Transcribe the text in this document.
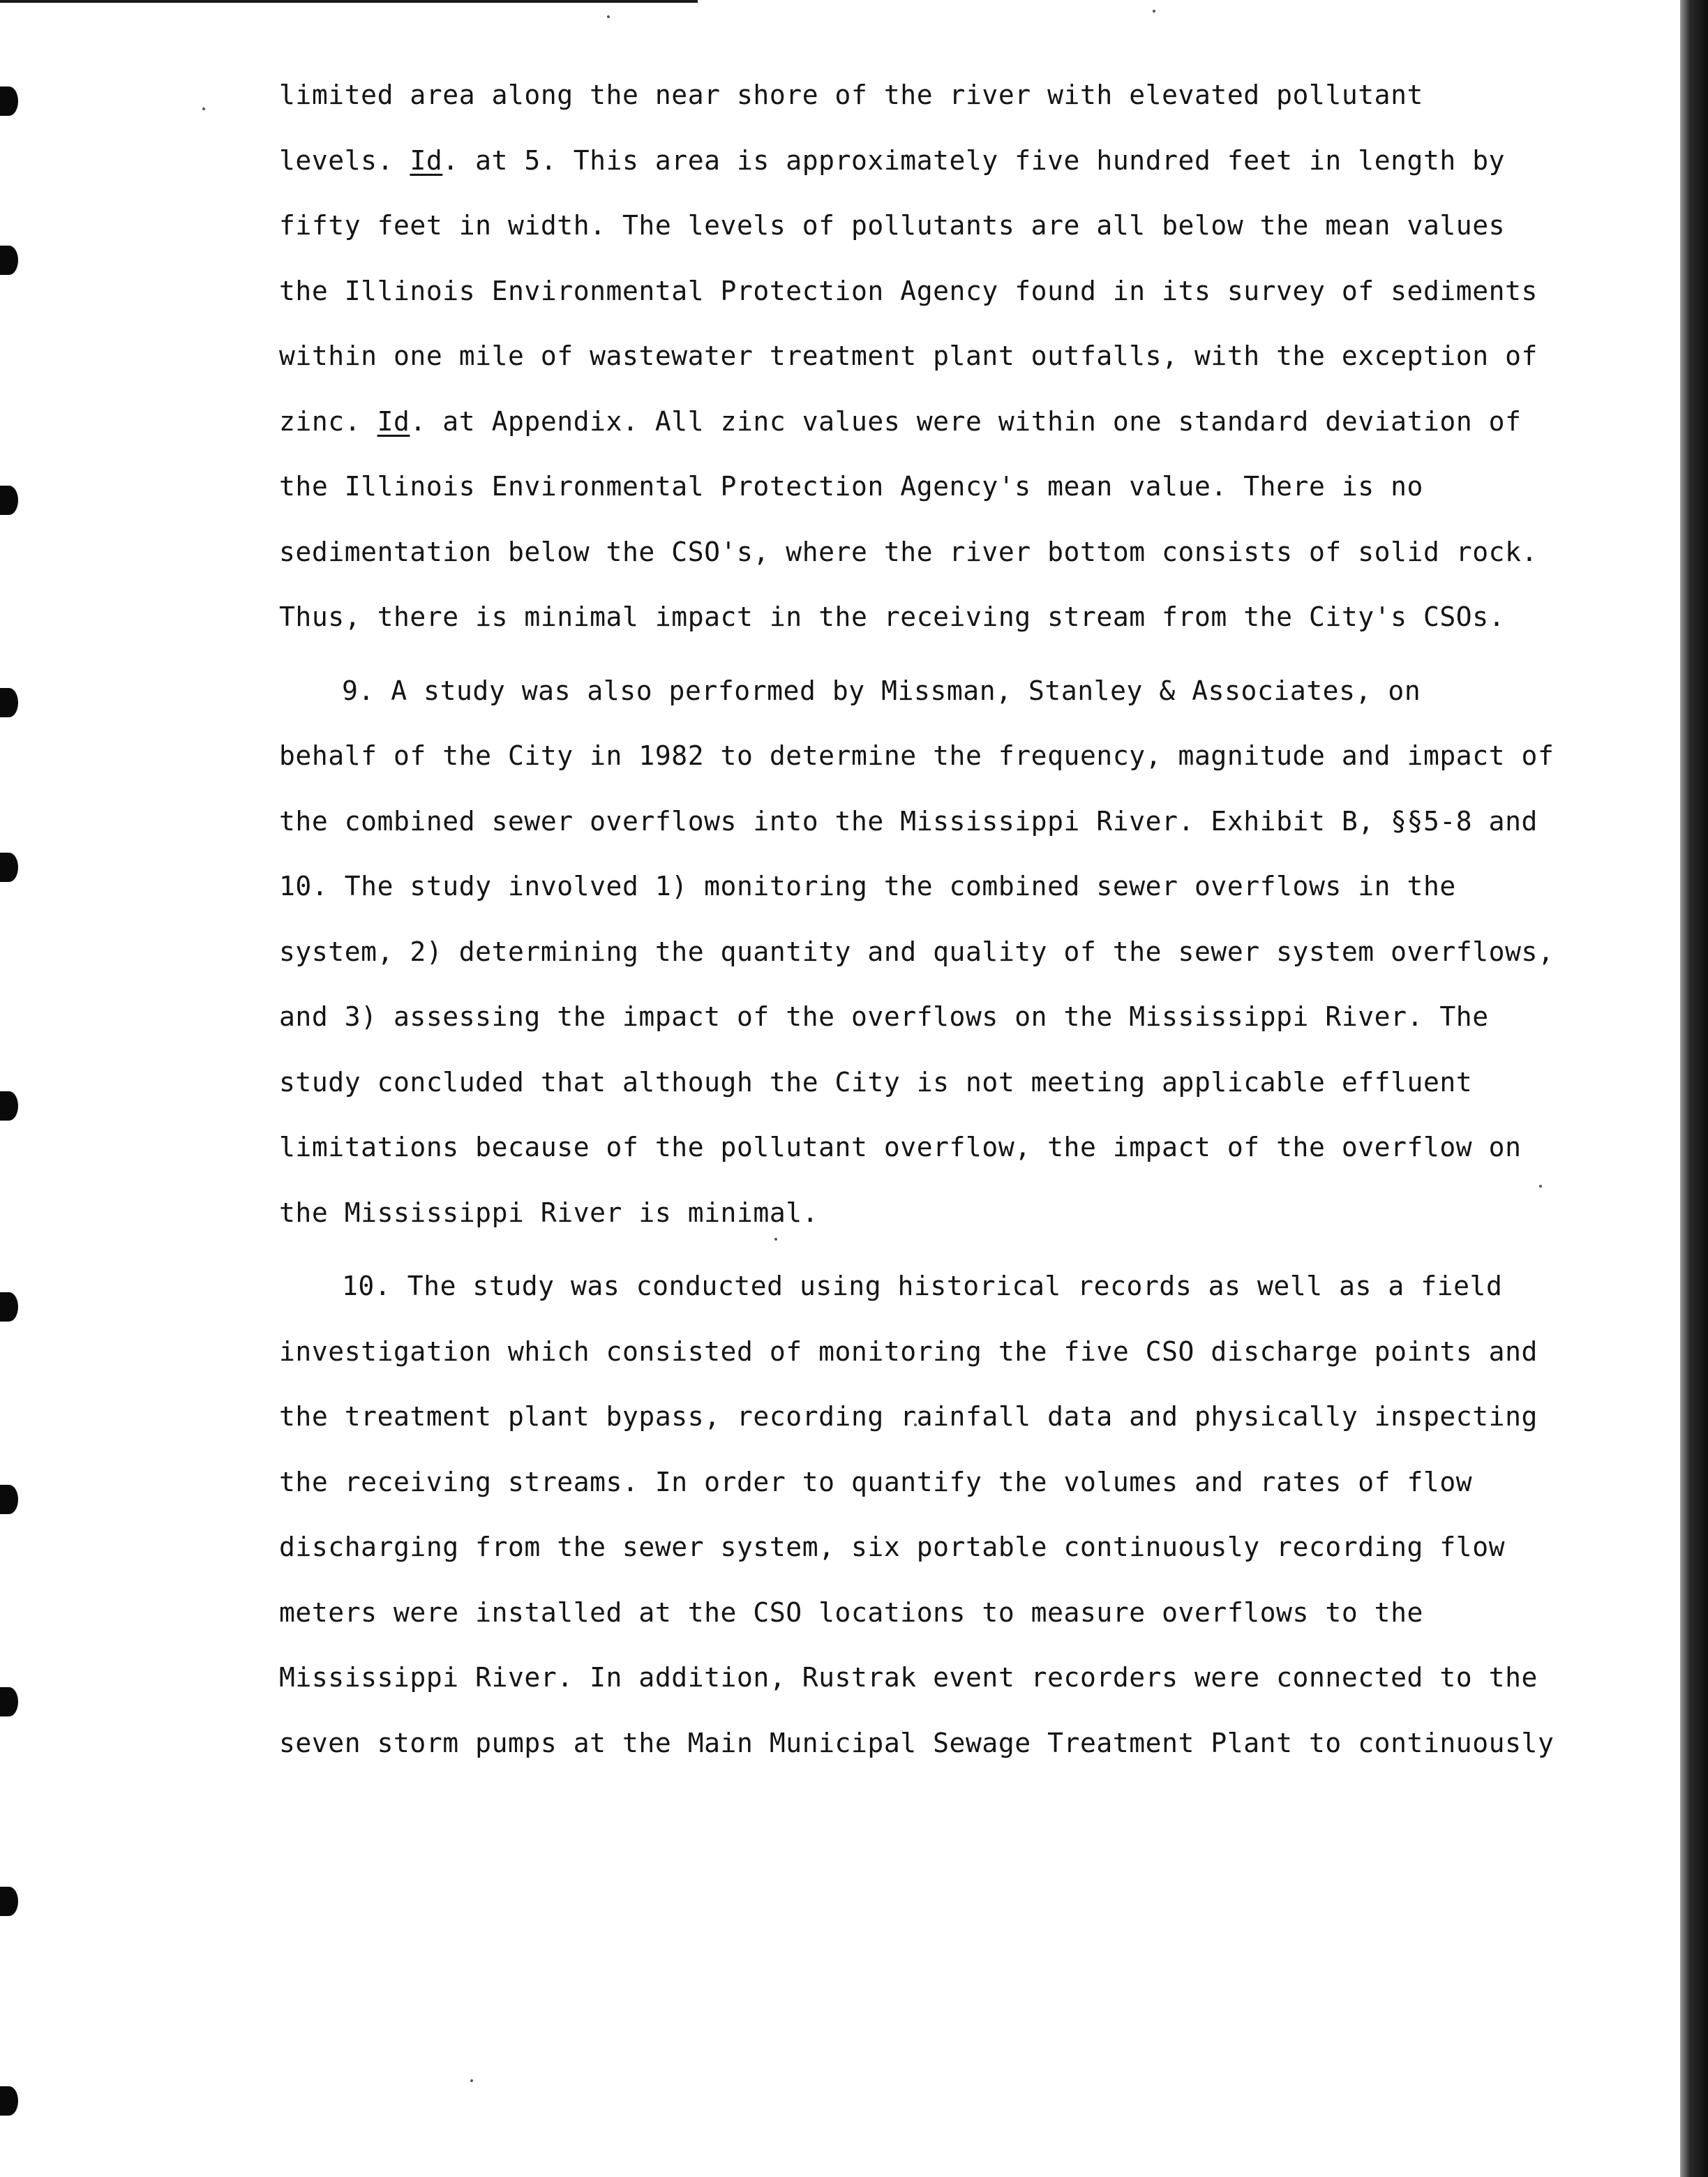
limited area along the near shore of the river with elevated pollutant
levels. Id. at 5. This area is approximately five hundred feet in length by
fifty feet in width. The levels of pollutants are all below the mean values
the Illinois Environmental Protection Agency found in its survey of sediments
within one mile of wastewater treatment plant outfalls, with the exception of
zinc. Id. at Appendix. All zinc values were within one standard deviation of
the Illinois Environmental Protection Agency's mean value. There is no
sedimentation below the CSO's, where the river bottom consists of solid rock.
Thus, there is minimal impact in the receiving stream from the City's CSOs.
9. A study was also performed by Missman, Stanley & Associates, on
behalf of the City in 1982 to determine the frequency, magnitude and impact of
the combined sewer overflows into the Mississippi River. Exhibit B, §§5-8 and
10. The study involved 1) monitoring the combined sewer overflows in the
system, 2) determining the quantity and quality of the sewer system overflows,
and 3) assessing the impact of the overflows on the Mississippi River. The
study concluded that although the City is not meeting applicable effluent
limitations because of the pollutant overflow, the impact of the overflow on
the Mississippi River is minimal.
10. The study was conducted using historical records as well as a field
investigation which consisted of monitoring the five CSO discharge points and
the treatment plant bypass, recording rainfall data and physically inspecting
the receiving streams. In order to quantify the volumes and rates of flow
discharging from the sewer system, six portable continuously recording flow
meters were installed at the CSO locations to measure overflows to the
Mississippi River. In addition, Rustrak event recorders were connected to the
seven storm pumps at the Main Municipal Sewage Treatment Plant to continuously
